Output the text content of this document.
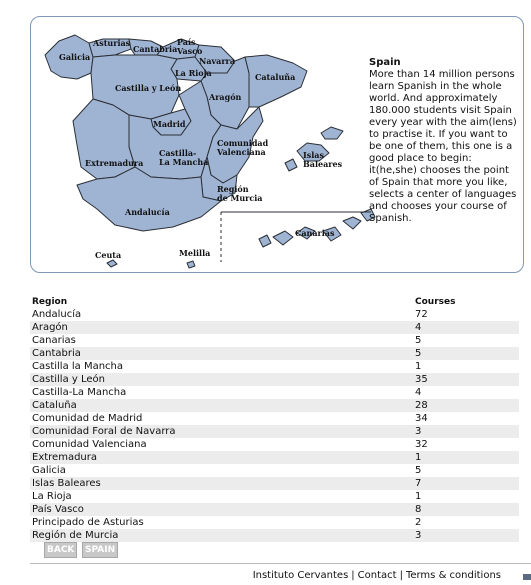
Galicia
Asturias
Cantabria
País
Vasco
Navarra
La Rioja
Castilla y León
Aragón
Cataluña
Madrid
Castilla-
La Mancha
Comunidad
Valenciana	Islas
Baleares
Extremadura
Región
de Murcia
Andalucía
Canarias
Ceuta	Melilla
Spain
More than 14 million persons learn Spanish in the whole world. And approximately 180.000 students visit Spain every year with the aim(lens) to practise it. If you want to be one of them, this one is a good place to begin: it(he,she) chooses the point of Spain that more you like, selects a center of languages and chooses your course of Spanish.
Region	Courses
Andalucía	72
Aragón	4
Canarias	5
Cantabria	5
Castilla la Mancha	1
Castilla y León	35
Castilla-La Mancha	4
Cataluña	28
Comunidad de Madrid	34
Comunidad Foral de Navarra	3
Comunidad Valenciana	32
Extremadura	1
Galicia	5
Islas Baleares	7
La Rioja	1
País Vasco	8
Principado de Asturias	2
Región de Murcia	3
BACK	SPAIN
Instituto Cervantes | Contact | Terms & conditions
